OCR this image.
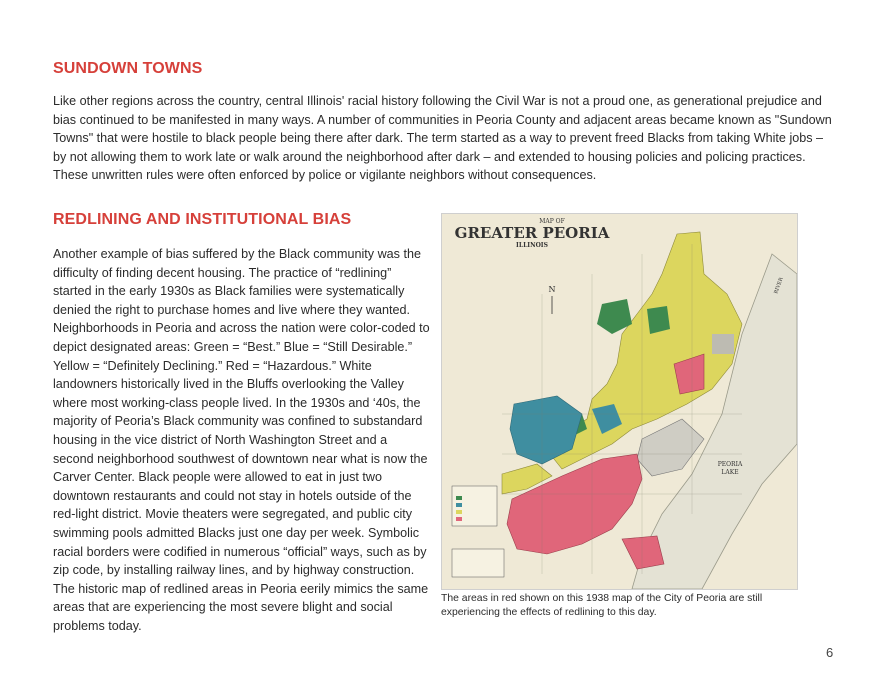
SUNDOWN TOWNS

Like other regions across the country, central Illinois' racial history following the Civil War is not a proud one, as generational prejudice and bias continued to be manifested in many ways. A number of communities in Peoria County and adjacent areas became known as "Sundown Towns" that were hostile to black people being there after dark. The term started as a way to prevent freed Blacks from taking White jobs – by not allowing them to work late or walk around the neighborhood after dark – and extended to housing policies and policing practices. These unwritten rules were often enforced by police or vigilante neighbors without consequences.

REDLINING AND INSTITUTIONAL BIAS

Another example of bias suffered by the Black community was the difficulty of finding decent housing. The practice of “redlining” started in the early 1930s as Black families were systematically denied the right to purchase homes and live where they wanted. Neighborhoods in Peoria and across the nation were color-coded to depict designated areas: Green = “Best.” Blue = “Still Desirable.” Yellow = “Definitely Declining.” Red = “Hazardous.” White landowners historically lived in the Bluffs overlooking the Valley where most working-class people lived. In the 1930s and ‘40s, the majority of Peoria’s Black community was confined to substandard housing in the vice district of North Washington Street and a second neighborhood southwest of downtown near what is now the Carver Center. Black people were allowed to eat in just two downtown restaurants and could not stay in hotels outside of the red-light district. Movie theaters were segregated, and public city swimming pools admitted Blacks just one day per week. Symbolic racial borders were codified in numerous “official” ways, such as by zip code, by installing railway lines, and by highway construction. The historic map of redlined areas in Peoria eerily mimics the same areas that are experiencing the most severe blight and social problems today.

MAP OF
GREATER PEORIA
ILLINOIS
N
PEORIA
LAKE
RIVER

The areas in red shown on this 1938 map of the City of Peoria are still experiencing the effects of redlining to this day.

6
